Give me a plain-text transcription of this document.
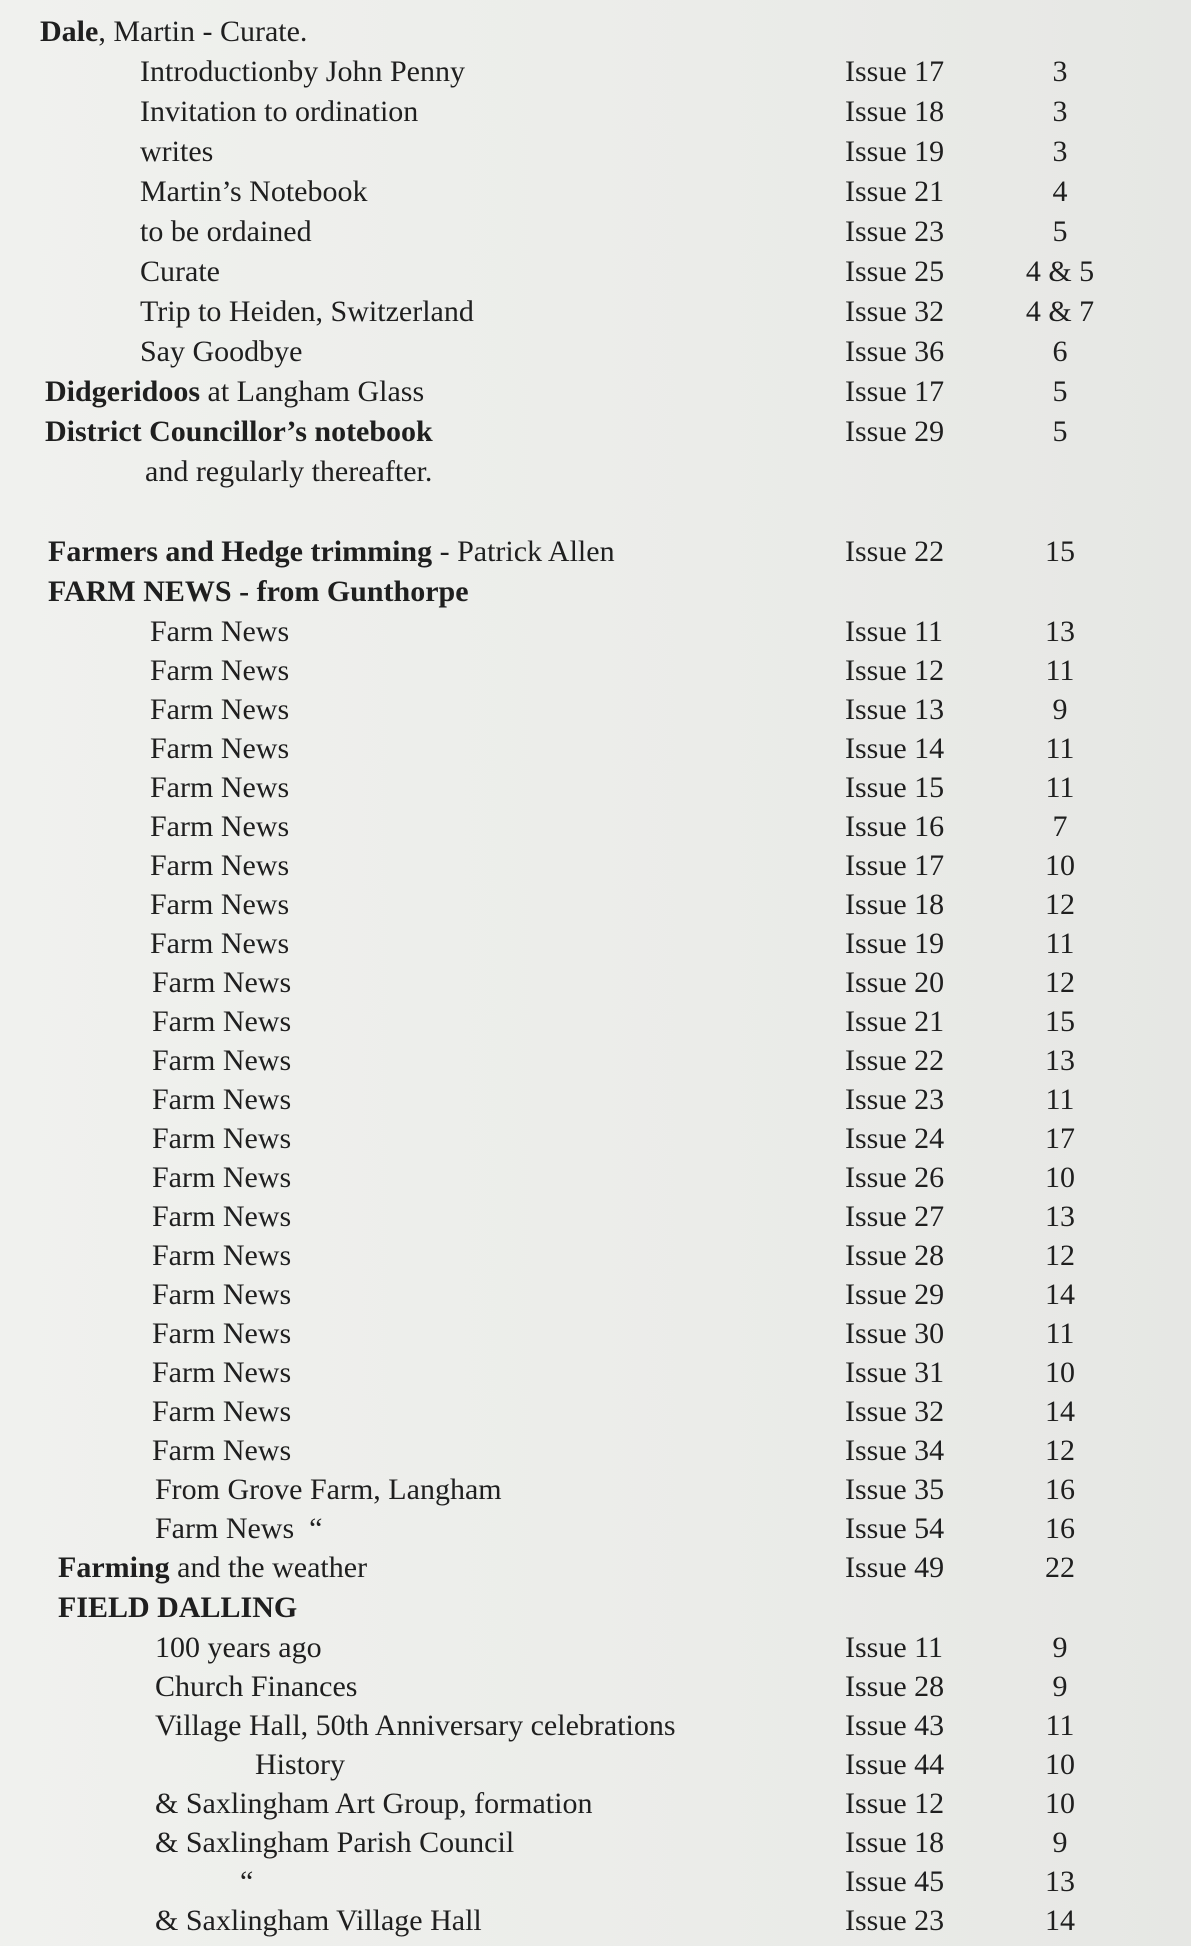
Dale, Martin - Curate.
Introductionby John Penny	Issue 17	3
Invitation to ordination	Issue 18	3
writes	Issue 19	3
Martin’s Notebook	Issue 21	4
to be ordained	Issue 23	5
Curate	Issue 25	4 & 5
Trip to Heiden, Switzerland	Issue 32	4 & 7
Say Goodbye	Issue 36	6
Didgeridoos at Langham Glass	Issue 17	5
District Councillor’s notebook	Issue 29	5
and regularly thereafter.
Farmers and Hedge trimming - Patrick Allen	Issue 22	15
FARM NEWS - from Gunthorpe
Farm News	Issue 11	13
Farm News	Issue 12	11
Farm News	Issue 13	9
Farm News	Issue 14	11
Farm News	Issue 15	11
Farm News	Issue 16	7
Farm News	Issue 17	10
Farm News	Issue 18	12
Farm News	Issue 19	11
Farm News	Issue 20	12
Farm News	Issue 21	15
Farm News	Issue 22	13
Farm News	Issue 23	11
Farm News	Issue 24	17
Farm News	Issue 26	10
Farm News	Issue 27	13
Farm News	Issue 28	12
Farm News	Issue 29	14
Farm News	Issue 30	11
Farm News	Issue 31	10
Farm News	Issue 32	14
Farm News	Issue 34	12
From Grove Farm, Langham	Issue 35	16
Farm News  “	Issue 54	16
Farming and the weather	Issue 49	22
FIELD DALLING
100 years ago	Issue 11	9
Church Finances	Issue 28	9
Village Hall, 50th Anniversary celebrations	Issue 43	11
History	Issue 44	10
& Saxlingham Art Group, formation	Issue 12	10
& Saxlingham Parish Council	Issue 18	9
“	Issue 45	13
& Saxlingham Village Hall	Issue 23	14
